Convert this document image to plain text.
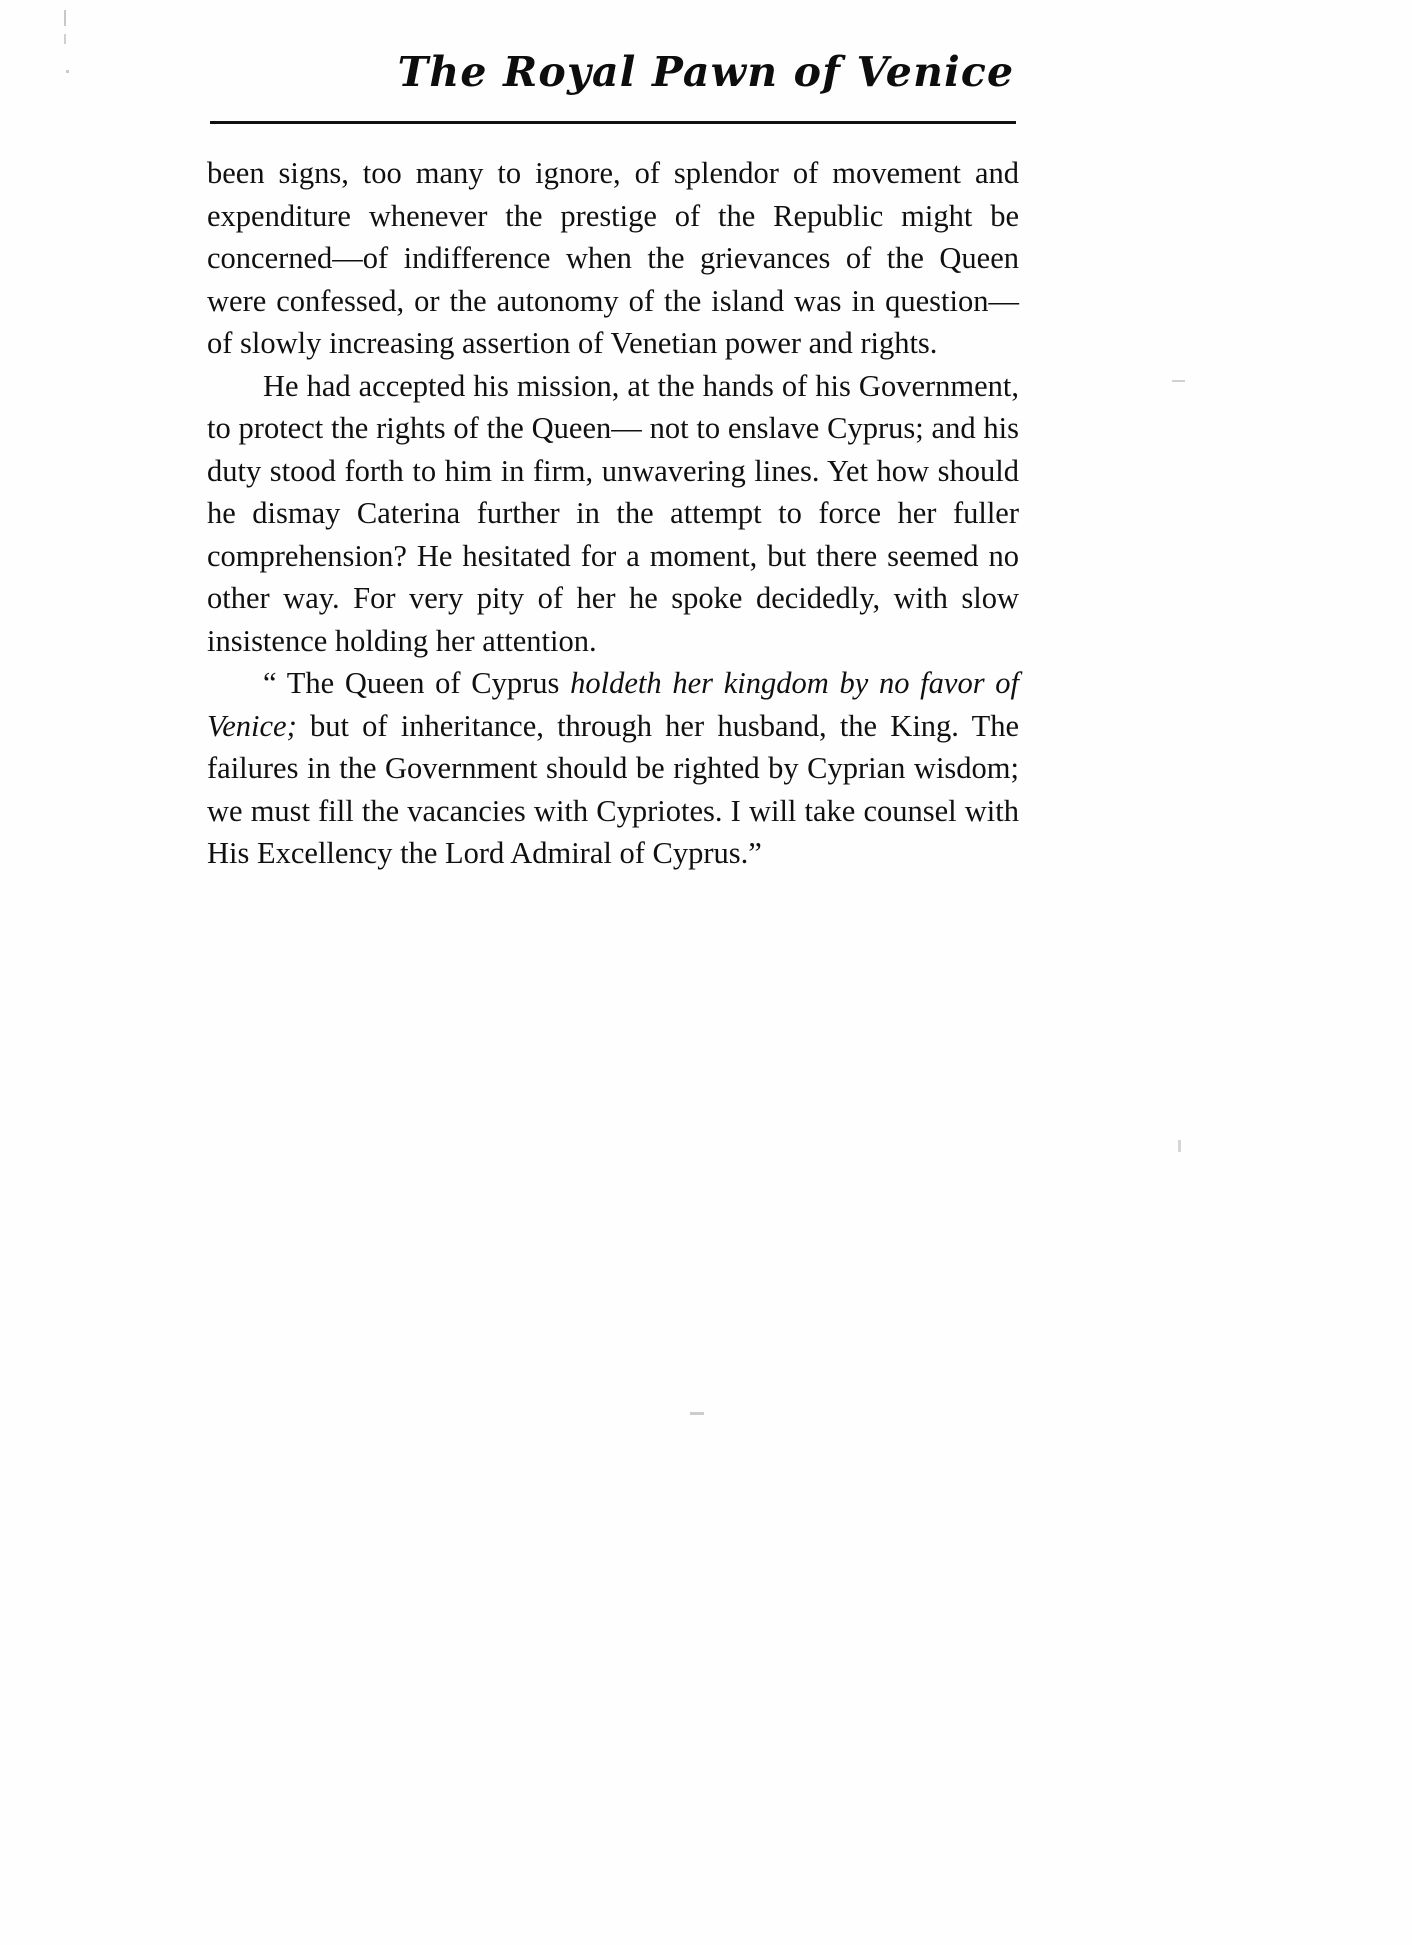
The Royal Pawn of Venice

been signs, too many to ignore, of splendor of movement and expenditure whenever the prestige of the Republic might be concerned—of indifference when the grievances of the Queen were confessed, or the autonomy of the island was in question—of slowly increasing assertion of Venetian power and rights.

He had accepted his mission, at the hands of his Government, to protect the rights of the Queen— not to enslave Cyprus; and his duty stood forth to him in firm, unwavering lines. Yet how should he dismay Caterina further in the attempt to force her fuller comprehension? He hesitated for a moment, but there seemed no other way. For very pity of her he spoke decidedly, with slow insistence holding her attention.

“ The Queen of Cyprus holdeth her kingdom by no favor of Venice; but of inheritance, through her husband, the King. The failures in the Government should be righted by Cyprian wisdom; we must fill the vacancies with Cypriotes. I will take counsel with His Excellency the Lord Admiral of Cyprus.”
